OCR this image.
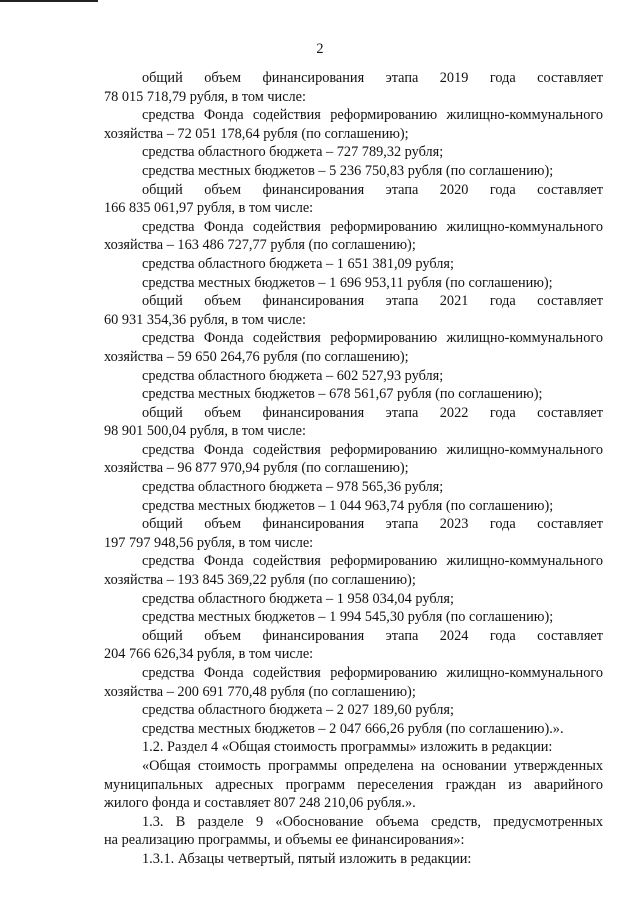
2

общий объем финансирования этапа 2019 года составляет

78 015 718,79 рубля, в том числе:

средства Фонда содействия реформированию жилищно-коммунального

хозяйства – 72 051 178,64 рубля (по соглашению);

средства областного бюджета – 727 789,32 рубля;

средства местных бюджетов – 5 236 750,83 рубля (по соглашению);

общий объем финансирования этапа 2020 года составляет

166 835 061,97 рубля, в том числе:

средства Фонда содействия реформированию жилищно-коммунального

хозяйства – 163 486 727,77 рубля (по соглашению);

средства областного бюджета – 1 651 381,09 рубля;

средства местных бюджетов – 1 696 953,11 рубля (по соглашению);

общий объем финансирования этапа 2021 года составляет

60 931 354,36 рубля, в том числе:

средства Фонда содействия реформированию жилищно-коммунального

хозяйства – 59 650 264,76 рубля (по соглашению);

средства областного бюджета – 602 527,93 рубля;

средства местных бюджетов – 678 561,67 рубля (по соглашению);

общий объем финансирования этапа 2022 года составляет

98 901 500,04 рубля, в том числе:

средства Фонда содействия реформированию жилищно-коммунального

хозяйства – 96 877 970,94 рубля (по соглашению);

средства областного бюджета – 978 565,36 рубля;

средства местных бюджетов – 1 044 963,74 рубля (по соглашению);

общий объем финансирования этапа 2023 года составляет

197 797 948,56 рубля, в том числе:

средства Фонда содействия реформированию жилищно-коммунального

хозяйства – 193 845 369,22 рубля (по соглашению);

средства областного бюджета – 1 958 034,04 рубля;

средства местных бюджетов – 1 994 545,30 рубля (по соглашению);

общий объем финансирования этапа 2024 года составляет

204 766 626,34 рубля, в том числе:

средства Фонда содействия реформированию жилищно-коммунального

хозяйства – 200 691 770,48 рубля (по соглашению);

средства областного бюджета – 2 027 189,60 рубля;

средства местных бюджетов – 2 047 666,26 рубля (по соглашению).».

1.2. Раздел 4 «Общая стоимость программы» изложить в редакции:

«Общая стоимость программы определена на основании утвержденных

муниципальных адресных программ переселения граждан из аварийного

жилого фонда и составляет 807 248 210,06 рубля.».

1.3. В разделе 9 «Обоснование объема средств, предусмотренных

на реализацию программы, и объемы ее финансирования»:

1.3.1. Абзацы четвертый, пятый изложить в редакции:
